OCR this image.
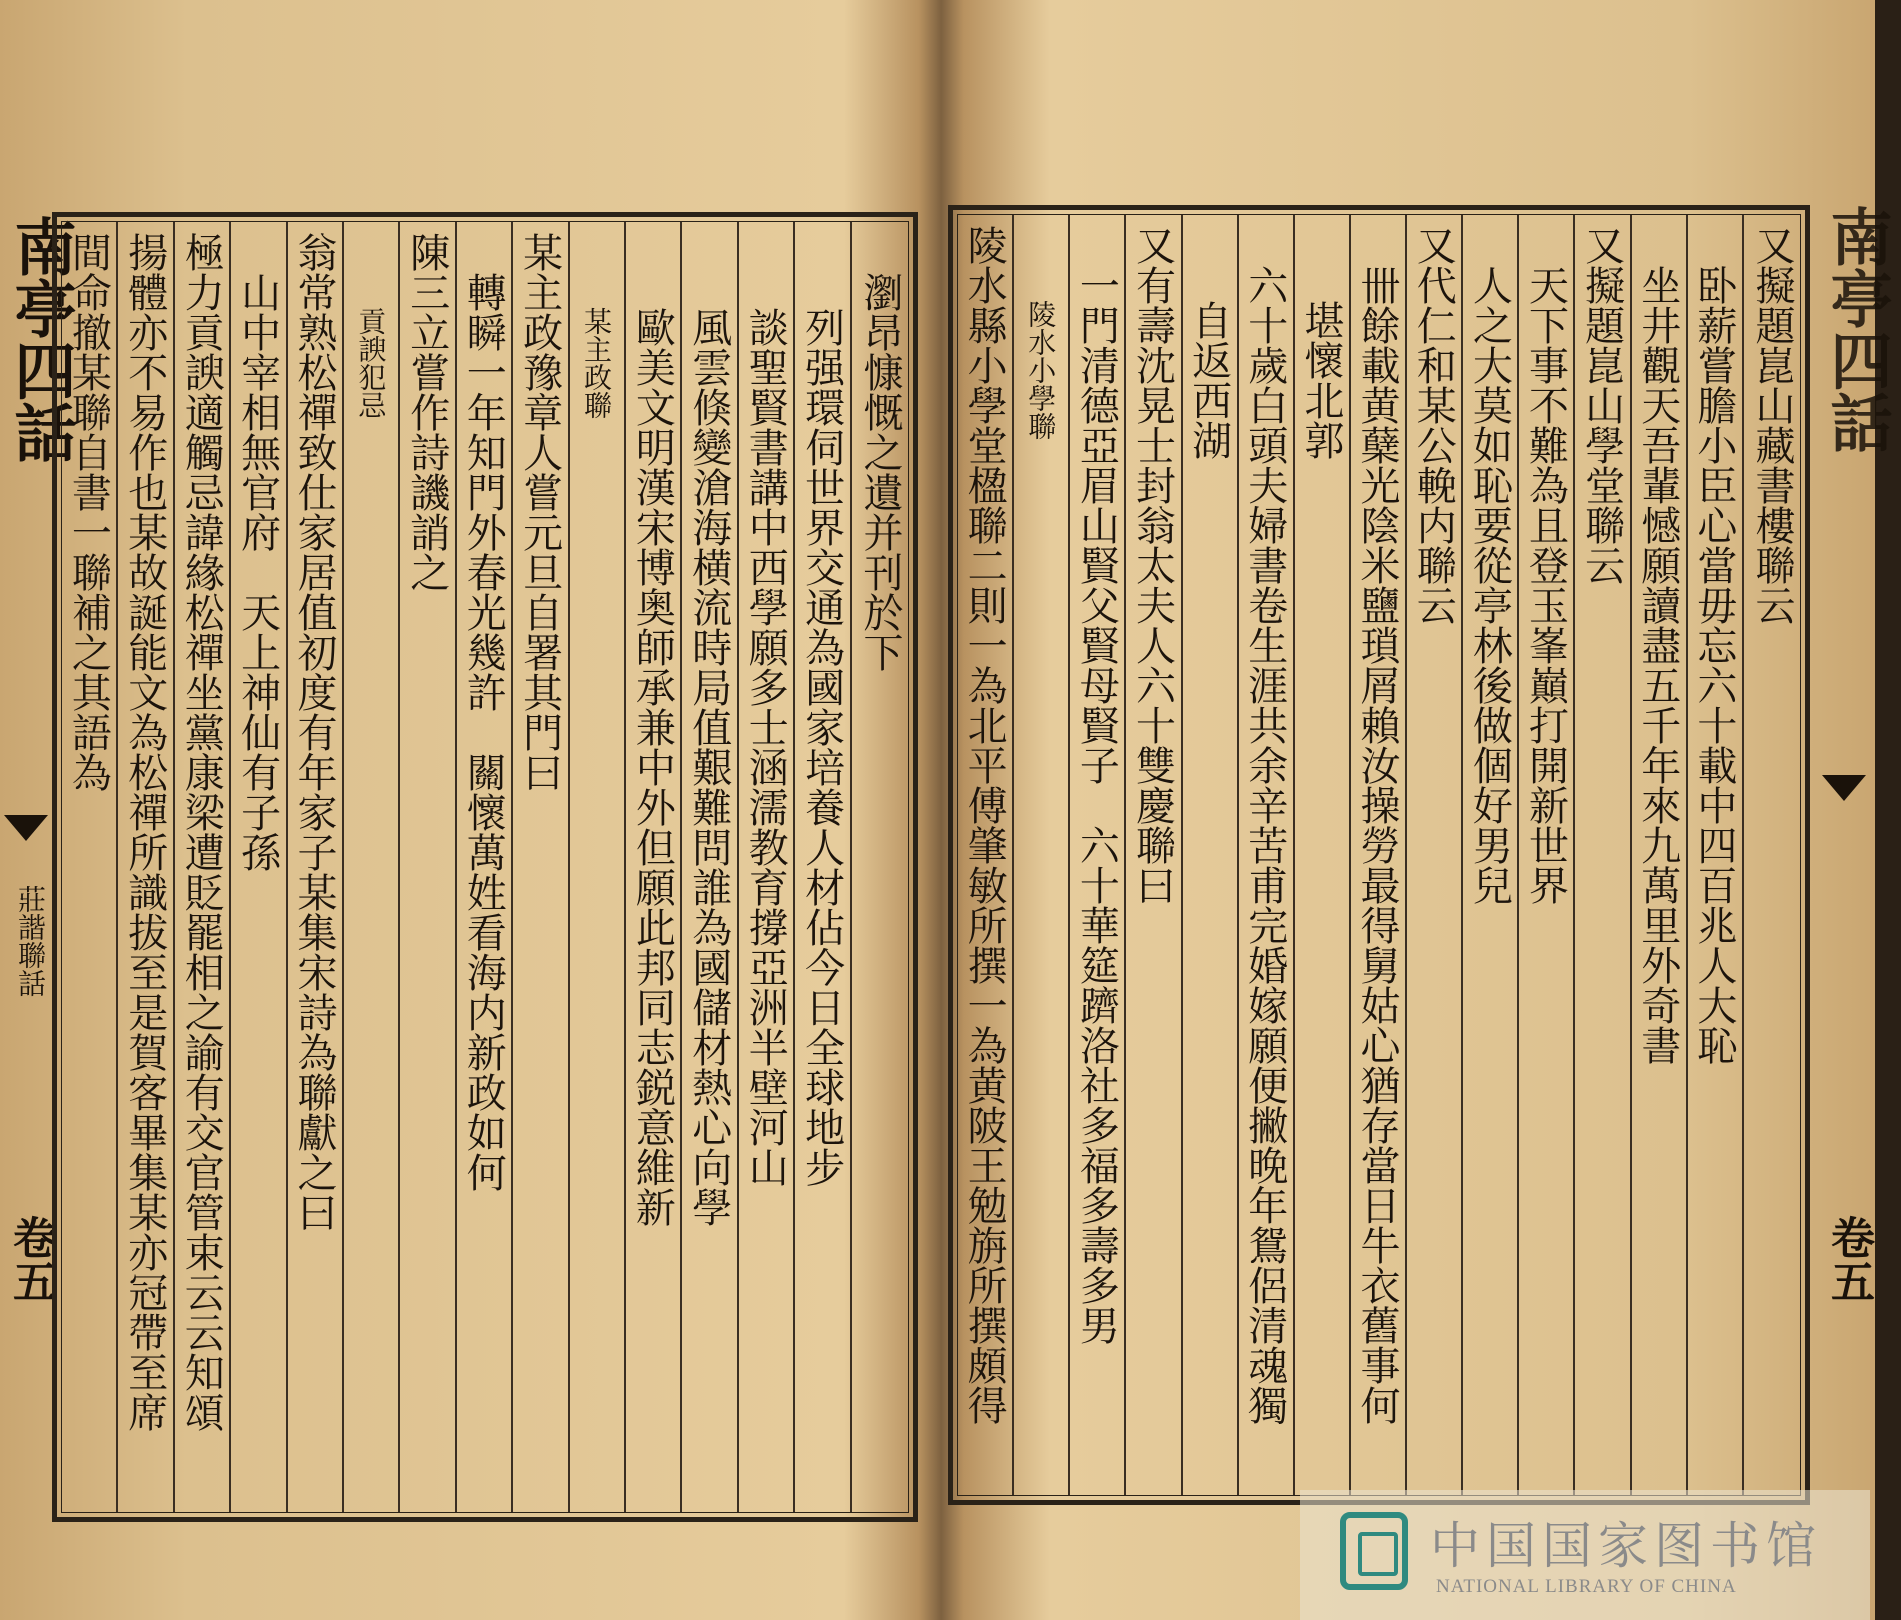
南亭四話
莊諧聯話
卷五
瀏昂慷慨之遺并刊於下
列强環伺世界交通為國家培養人材佔今日全球地步
談聖賢書講中西學願多士涵濡教育撐亞洲半壁河山
風雲倏變滄海横流時局值艱難問誰為國儲材熱心向學
歐美文明漢宋博奥師承兼中外但願此邦同志鋭意維新
某主政聯
某主政豫章人嘗元旦自署其門曰
轉瞬一年知門外春光幾許　關懷萬姓看海内新政如何
陳三立嘗作詩譏誚之
貢諛犯忌
翁常熟松禪致仕家居值初度有年家子某集宋詩為聯獻之曰
山中宰相無官府　天上神仙有子孫
極力貢諛適觸忌諱緣松禪坐黨康梁遭貶罷相之諭有交官管束云云知頌
揚體亦不易作也某故誕能文為松禪所識拔至是賀客畢集某亦冠帶至席
間命撤某聯自書一聯補之其語為	又擬題崑山藏書樓聯云
卧薪嘗膽小臣心當毋忘六十載中四百兆人大恥
坐井觀天吾輩憾願讀盡五千年來九萬里外奇書
又擬題崑山學堂聯云
天下事不難為且登玉峯巔打開新世界
人之大莫如恥要從亭林後做個好男兒
又代仁和某公輓内聯云
卌餘載黄蘖光陰米鹽瑣屑賴汝操勞最得舅姑心猶存當日牛衣舊事何
堪懷北郭
六十歲白頭夫婦書卷生涯共余辛苦甫完婚嫁願便撇晚年鴛侶清魂獨
自返西湖
又有壽沈晃士封翁太夫人六十雙慶聯曰
一門清德亞眉山賢父賢母賢子　六十華筵躋洛社多福多壽多男
陵水小學聯
陵水縣小學堂楹聯二則一為北平傅肇敏所撰一為黄陂王勉旃所撰頗得	南亭四話
卷五
中国国家图书馆
NATIONAL LIBRARY OF CHINA
